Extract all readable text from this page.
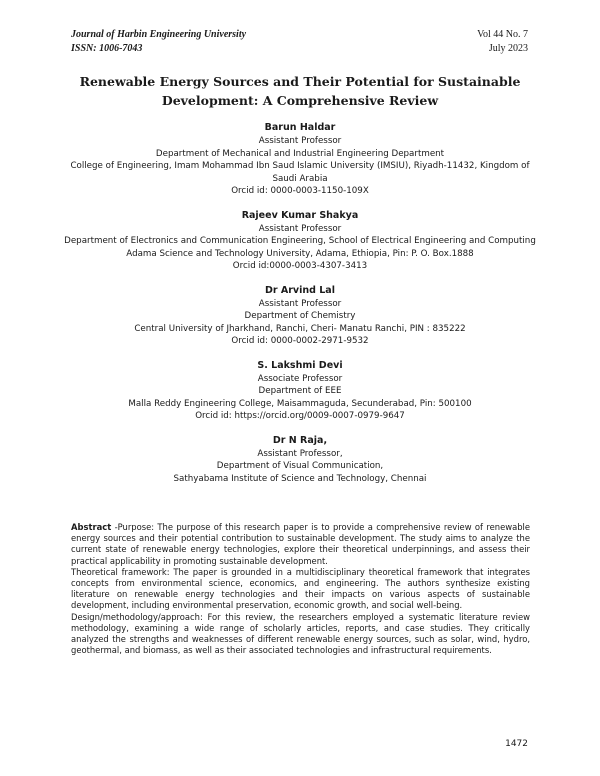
Journal of Harbin Engineering University
ISSN: 1006-7043
Vol 44 No. 7
July 2023
Renewable Energy Sources and Their Potential for Sustainable
Development: A Comprehensive Review
Barun Haldar
Assistant Professor
Department of Mechanical and Industrial Engineering Department
College of Engineering, Imam Mohammad Ibn Saud Islamic University (IMSIU), Riyadh-11432, Kingdom of Saudi Arabia
Orcid id: 0000-0003-1150-109X
Rajeev Kumar Shakya
Assistant Professor
Department of Electronics and Communication Engineering, School of Electrical Engineering and Computing
Adama Science and Technology University, Adama, Ethiopia, Pin: P. O. Box.1888
Orcid id:0000-0003-4307-3413
Dr Arvind Lal
Assistant Professor
Department of Chemistry
Central University of Jharkhand, Ranchi, Cheri- Manatu Ranchi, PIN : 835222
Orcid id: 0000-0002-2971-9532
S. Lakshmi Devi
Associate Professor
Department of EEE
Malla Reddy Engineering College, Maisammaguda, Secunderabad, Pin: 500100
Orcid id: https://orcid.org/0009-0007-0979-9647
Dr N Raja,
Assistant Professor,
Department of Visual Communication,
Sathyabama Institute of Science and Technology, Chennai

Abstract -Purpose: The purpose of this research paper is to provide a comprehensive review of renewable energy sources and their potential contribution to sustainable development. The study aims to analyze the current state of renewable energy technologies, explore their theoretical underpinnings, and assess their practical applicability in promoting sustainable development.

Theoretical framework: The paper is grounded in a multidisciplinary theoretical framework that integrates concepts from environmental science, economics, and engineering. The authors synthesize existing literature on renewable energy technologies and their impacts on various aspects of sustainable development, including environmental preservation, economic growth, and social well-being.

Design/methodology/approach: For this review, the researchers employed a systematic literature review methodology, examining a wide range of scholarly articles, reports, and case studies. They critically analyzed the strengths and weaknesses of different renewable energy sources, such as solar, wind, hydro, geothermal, and biomass, as well as their associated technologies and infrastructural requirements.

1472
